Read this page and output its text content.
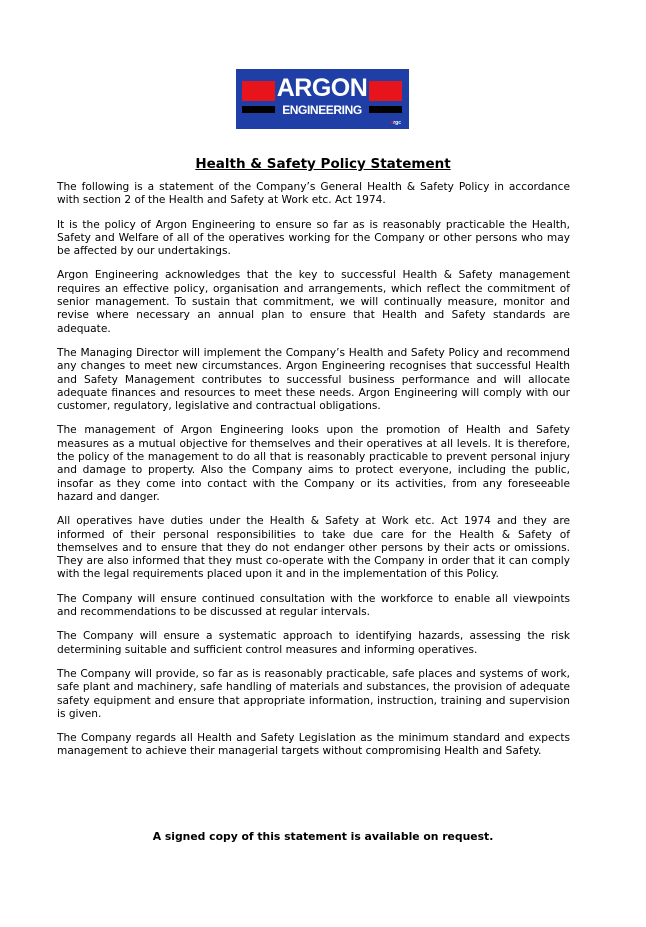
ARGON
ENGINEERING
argc
Health & Safety Policy Statement

The following is a statement of the Company’s General Health & Safety Policy in accordance with section 2 of the Health and Safety at Work etc. Act 1974.

It is the policy of Argon Engineering to ensure so far as is reasonably practicable the Health, Safety and Welfare of all of the operatives working for the Company or other persons who may be affected by our undertakings.

Argon Engineering acknowledges that the key to successful Health & Safety management requires an effective policy, organisation and arrangements, which reflect the commitment of senior management. To sustain that commitment, we will continually measure, monitor and revise where necessary an annual plan to ensure that Health and Safety standards are adequate.

The Managing Director will implement the Company’s Health and Safety Policy and recommend any changes to meet new circumstances. Argon Engineering recognises that successful Health and Safety Management contributes to successful business performance and will allocate adequate finances and resources to meet these needs. Argon Engineering will comply with our customer, regulatory, legislative and contractual obligations.

The management of Argon Engineering looks upon the promotion of Health and Safety measures as a mutual objective for themselves and their operatives at all levels. It is therefore, the policy of the management to do all that is reasonably practicable to prevent personal injury and damage to property. Also the Company aims to protect everyone, including the public, insofar as they come into contact with the Company or its activities, from any foreseeable hazard and danger.

All operatives have duties under the Health & Safety at Work etc. Act 1974 and they are informed of their personal responsibilities to take due care for the Health & Safety of themselves and to ensure that they do not endanger other persons by their acts or omissions. They are also informed that they must co-operate with the Company in order that it can comply with the legal requirements placed upon it and in the implementation of this Policy.

The Company will ensure continued consultation with the workforce to enable all viewpoints and recommendations to be discussed at regular intervals.

The Company will ensure a systematic approach to identifying hazards, assessing the risk determining suitable and sufficient control measures and informing operatives.

The Company will provide, so far as is reasonably practicable, safe places and systems of work, safe plant and machinery, safe handling of materials and substances, the provision of adequate safety equipment and ensure that appropriate information, instruction, training and supervision is given.

The Company regards all Health and Safety Legislation as the minimum standard and expects management to achieve their managerial targets without compromising Health and Safety.

A signed copy of this statement is available on request.
